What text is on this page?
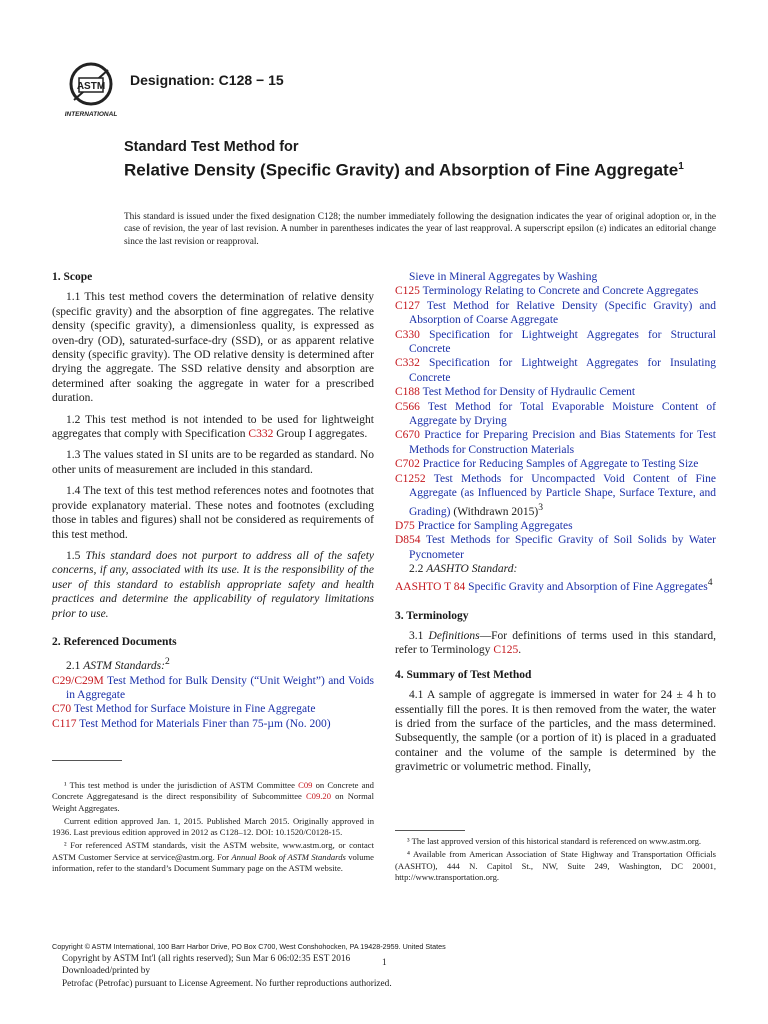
ASTM
INTERNATIONAL
Designation: C128 − 15
Standard Test Method for
Relative Density (Specific Gravity) and Absorption of Fine Aggregate$^1$
This standard is issued under the fixed designation C128; the number immediately following the designation indicates the year of original adoption or, in the case of revision, the year of last revision. A number in parentheses indicates the year of last reapproval. A superscript epsilon (ε) indicates an editorial change since the last revision or reapproval.
1. Scope
1.1 This test method covers the determination of relative density (specific gravity) and the absorption of fine aggregates. The relative density (specific gravity), a dimensionless quality, is expressed as oven-dry (OD), saturated-surface-dry (SSD), or as apparent relative density (specific gravity). The OD relative density is determined after drying the aggregate. The SSD relative density and absorption are determined after soaking the aggregate in water for a prescribed duration.
1.2 This test method is not intended to be used for lightweight aggregates that comply with Specification C332 Group I aggregates.
1.3 The values stated in SI units are to be regarded as standard. No other units of measurement are included in this standard.
1.4 The text of this test method references notes and footnotes that provide explanatory material. These notes and footnotes (excluding those in tables and figures) shall not be considered as requirements of this test method.
1.5 This standard does not purport to address all of the safety concerns, if any, associated with its use. It is the responsibility of the user of this standard to establish appropriate safety and health practices and determine the applicability of regulatory limitations prior to use.
2. Referenced Documents
2.1 ASTM Standards:$^2$
C29/C29M Test Method for Bulk Density (“Unit Weight”) and Voids in Aggregate
C70 Test Method for Surface Moisture in Fine Aggregate
C117 Test Method for Materials Finer than 75-µm (No. 200)
Sieve in Mineral Aggregates by Washing
C125 Terminology Relating to Concrete and Concrete Aggregates
C127 Test Method for Relative Density (Specific Gravity) and Absorption of Coarse Aggregate
C330 Specification for Lightweight Aggregates for Structural Concrete
C332 Specification for Lightweight Aggregates for Insulating Concrete
C188 Test Method for Density of Hydraulic Cement
C566 Test Method for Total Evaporable Moisture Content of Aggregate by Drying
C670 Practice for Preparing Precision and Bias Statements for Test Methods for Construction Materials
C702 Practice for Reducing Samples of Aggregate to Testing Size
C1252 Test Methods for Uncompacted Void Content of Fine Aggregate (as Influenced by Particle Shape, Surface Texture, and Grading) (Withdrawn 2015)$^3$
D75 Practice for Sampling Aggregates
D854 Test Methods for Specific Gravity of Soil Solids by Water Pycnometer
2.2 AASHTO Standard:
AASHTO T 84 Specific Gravity and Absorption of Fine Aggregates$^4$
3. Terminology
3.1 Definitions—For definitions of terms used in this standard, refer to Terminology C125.
4. Summary of Test Method
4.1 A sample of aggregate is immersed in water for 24 ± 4 h to essentially fill the pores. It is then removed from the water, the water is dried from the surface of the particles, and the mass determined. Subsequently, the sample (or a portion of it) is placed in a graduated container and the volume of the sample is determined by the gravimetric or volumetric method. Finally,
¹ This test method is under the jurisdiction of ASTM Committee C09 on Concrete and Concrete Aggregatesand is the direct responsibility of Subcommittee C09.20 on Normal Weight Aggregates.
Current edition approved Jan. 1, 2015. Published March 2015. Originally approved in 1936. Last previous edition approved in 2012 as C128–12. DOI: 10.1520/C0128-15.
² For referenced ASTM standards, visit the ASTM website, www.astm.org, or contact ASTM Customer Service at service@astm.org. For Annual Book of ASTM Standards volume information, refer to the standard’s Document Summary page on the ASTM website.
³ The last approved version of this historical standard is referenced on www.astm.org.
⁴ Available from American Association of State Highway and Transportation Officials (AASHTO), 444 N. Capitol St., NW, Suite 249, Washington, DC 20001, http://www.transportation.org.
Copyright © ASTM International, 100 Barr Harbor Drive, PO Box C700, West Conshohocken, PA 19428-2959. United States
Copyright by ASTM Int'l (all rights reserved); Sun Mar 6 06:02:35 EST 2016
Downloaded/printed by
Petrofac (Petrofac) pursuant to License Agreement. No further reproductions authorized.
1
